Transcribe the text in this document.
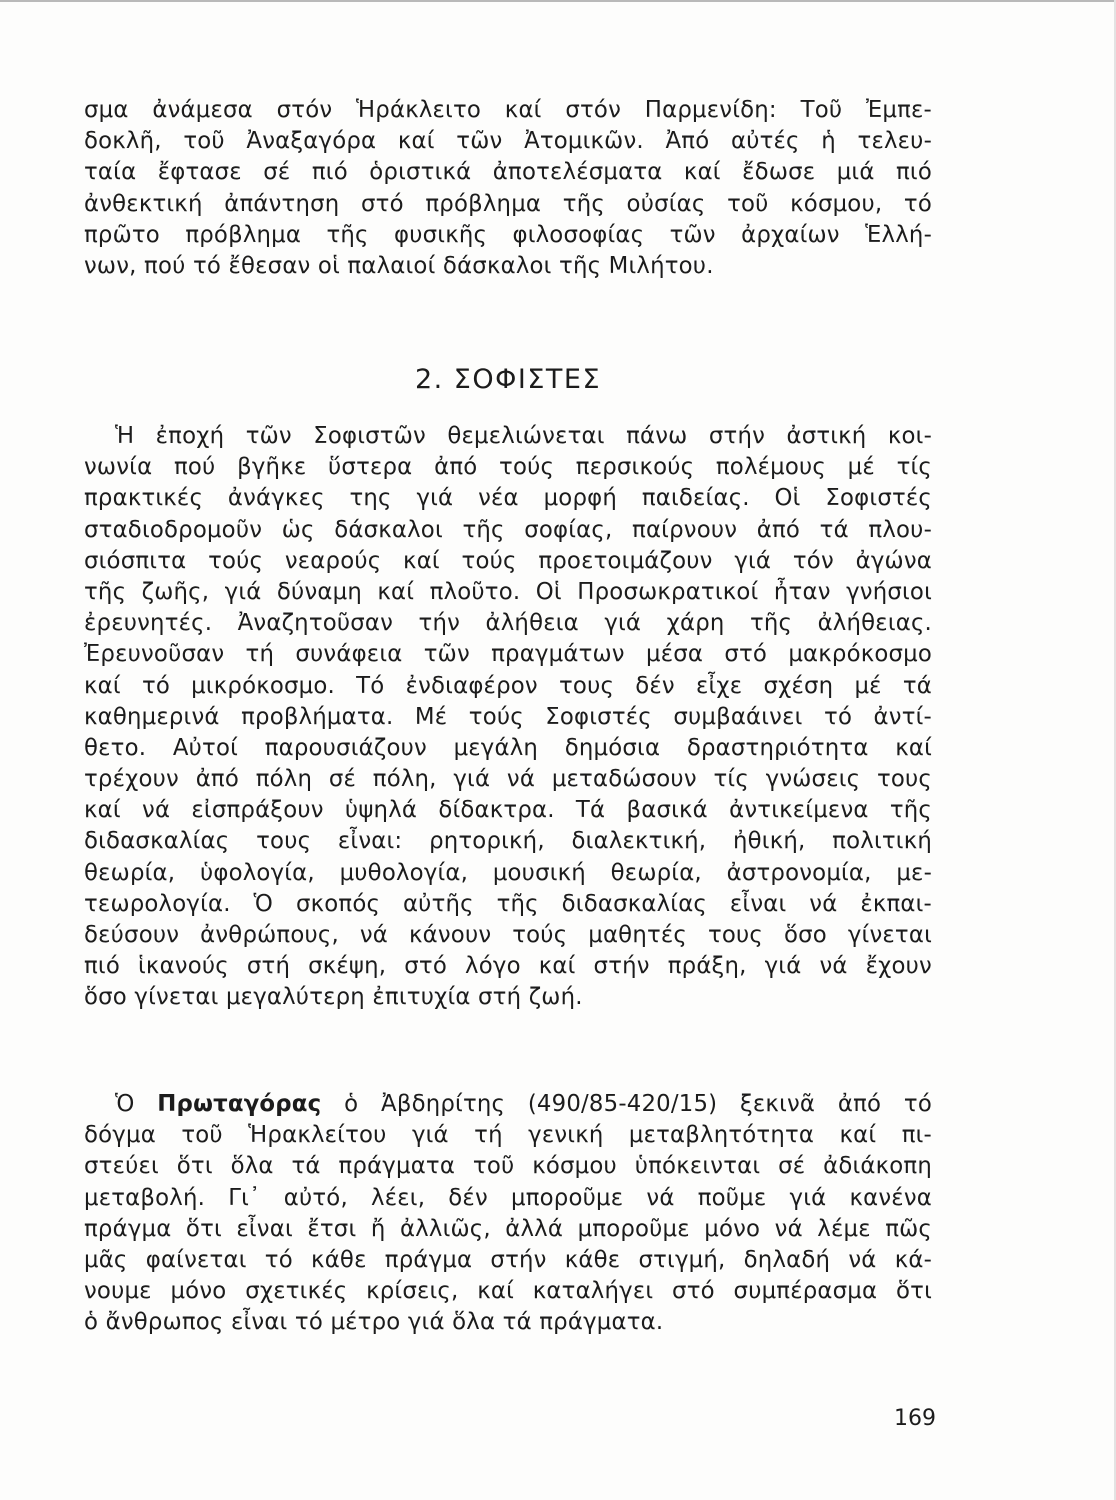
σμα ἀνάμεσα στόν Ἡράκλειτο καί στόν Παρμενίδη: Τοῦ Ἐμπε-
δοκλῆ, τοῦ Ἀναξαγόρα καί τῶν Ἀτομικῶν. Ἀπό αὐτές ἡ τελευ-
ταία ἔφτασε σέ πιό ὁριστικά ἀποτελέσματα καί ἔδωσε μιά πιό
ἀνθεκτική ἀπάντηση στό πρόβλημα τῆς οὐσίας τοῦ κόσμου, τό
πρῶτο πρόβλημα τῆς φυσικῆς φιλοσοφίας τῶν ἀρχαίων Ἑλλή-
νων, πού τό ἔθεσαν οἱ παλαιοί δάσκαλοι τῆς Μιλήτου.
2. ΣΟΦΙΣΤΕΣ
Ἡ ἐποχή τῶν Σοφιστῶν θεμελιώνεται πάνω στήν ἀστική κοι-
νωνία πού βγῆκε ὕστερα ἀπό τούς περσικούς πολέμους μέ τίς
πρακτικές ἀνάγκες της γιά νέα μορφή παιδείας. Οἱ Σοφιστές
σταδιοδρομοῦν ὡς δάσκαλοι τῆς σοφίας, παίρνουν ἀπό τά πλου-
σιόσπιτα τούς νεαρούς καί τούς προετοιμάζουν γιά τόν ἀγώνα
τῆς ζωῆς, γιά δύναμη καί πλοῦτο. Οἱ Προσωκρατικοί ἦταν γνήσιοι
ἐρευνητές. Ἀναζητοῦσαν τήν ἀλήθεια γιά χάρη τῆς ἀλήθειας.
Ἐρευνοῦσαν τή συνάφεια τῶν πραγμάτων μέσα στό μακρόκοσμο
καί τό μικρόκοσμο. Τό ἐνδιαφέρον τους δέν εἶχε σχέση μέ τά
καθημερινά προβλήματα. Μέ τούς Σοφιστές συμβαάινει τό ἀντί-
θετο. Αὐτοί παρουσιάζουν μεγάλη δημόσια δραστηριότητα καί
τρέχουν ἀπό πόλη σέ πόλη, γιά νά μεταδώσουν τίς γνώσεις τους
καί νά εἰσπράξουν ὑψηλά δίδακτρα. Τά βασικά ἀντικείμενα τῆς
διδασκαλίας τους εἶναι: ρητορική, διαλεκτική, ἠθική, πολιτική
θεωρία, ὑφολογία, μυθολογία, μουσική θεωρία, ἀστρονομία, με-
τεωρολογία. Ὁ σκοπός αὐτῆς τῆς διδασκαλίας εἶναι νά ἐκπαι-
δεύσουν ἀνθρώπους, νά κάνουν τούς μαθητές τους ὅσο γίνεται
πιό ἱκανούς στή σκέψη, στό λόγο καί στήν πράξη, γιά νά ἔχουν
ὅσο γίνεται μεγαλύτερη ἐπιτυχία στή ζωή.
Ὁ Πρωταγόρας ὁ Ἀβδηρίτης (490/85-420/15) ξεκινᾶ ἀπό τό
δόγμα τοῦ Ἡρακλείτου γιά τή γενική μεταβλητότητα καί πι-
στεύει ὅτι ὅλα τά πράγματα τοῦ κόσμου ὑπόκεινται σέ ἀδιάκοπη
μεταβολή. Γι᾽ αὐτό, λέει, δέν μποροῦμε νά ποῦμε γιά κανένα
πράγμα ὅτι εἶναι ἔτσι ἤ ἀλλιῶς, ἀλλά μποροῦμε μόνο νά λέμε πῶς
μᾶς φαίνεται τό κάθε πράγμα στήν κάθε στιγμή, δηλαδή νά κά-
νουμε μόνο σχετικές κρίσεις, καί καταλήγει στό συμπέρασμα ὅτι
ὁ ἄνθρωπος εἶναι τό μέτρο γιά ὅλα τά πράγματα.
169
